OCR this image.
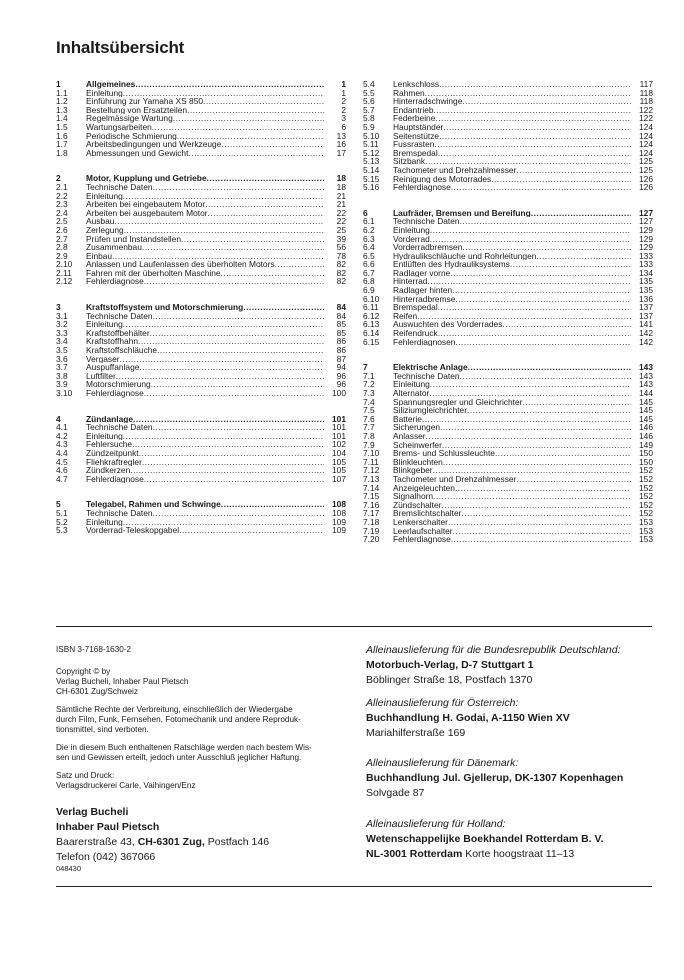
Inhaltsübersicht
1	Allgemeines .....	1
1.1	Einleitung .....	1
1.2	Einführung zur Yamaha XS 850 .....	2
1.3	Bestellung von Ersatzteilen .....	2
1.4	Regelmässige Wartung .....	3
1.5	Wartungsarbeiten .....	6
1.6	Periodische Schmierung .....	13
1.7	Arbeitsbedingungen und Werkzeuge .....	16
1.8	Abmessungen und Gewicht .....	17
2	Motor, Kupplung und Getriebe .....	18
2.1	Technische Daten .....	18
2.2	Einleitung .....	21
2.3	Arbeiten bei eingebautem Motor .....	21
2.4	Arbeiten bei ausgebautem Motor .....	22
2.5	Ausbau .....	22
2.6	Zerlegung .....	25
2.7	Prüfen und Instandstellen .....	39
2.8	Zusammenbau .....	56
2.9	Einbau .....	78
2.10	Anlassen und Laufenlassen des überholten Motors .....	82
2.11	Fahren mit der überholten Maschine .....	82
2.12	Fehlerdiagnose .....	82
3	Kraftstoffsystem und Motorschmierung .....	84
3.1	Technische Daten .....	84
3.2	Einleitung .....	85
3.3	Kraftstoffbehälter .....	85
3.4	Kraftstoffhahn .....	86
3.5	Kraftstoffschläuche .....	86
3.6	Vergaser .....	87
3.7	Auspuffanlage .....	94
3.8	Luftfilter .....	96
3.9	Motorschmierung .....	96
3.10	Fehlerdiagnose .....	100
4	Zündanlage .....	101
4.1	Technische Daten .....	101
4.2	Einleitung .....	101
4.3	Fehlersuche .....	102
4.4	Zündzeitpunkt .....	104
4.5	Fliehkraftregler .....	105
4.6	Zündkerzen .....	105
4.7	Fehlerdiagnose .....	107
5	Telegabel, Rahmen und Schwinge .....	108
5.1	Technische Daten .....	108
5.2	Einleitung .....	109
5.3	Vorderrad-Teleskopgabel .....	109
5.4	Lenkschloss .....	117
5.5	Rahmen .....	118
5.6	Hinterradschwinge .....	118
5.7	Endantrieb .....	122
5.8	Federbeine .....	122
5.9	Hauptständer .....	124
5.10	Seitenstütze .....	124
5.11	Fussrasten .....	124
5.12	Bremspedal .....	124
5.13	Sitzbank .....	125
5.14	Tachometer und Drehzahlmesser .....	125
5.15	Reinigung des Motorrades .....	126
5.16	Fehlerdiagnose .....	126
6	Laufräder, Bremsen und Bereifung .....	127
6.1	Technische Daten .....	127
6.2	Einleitung .....	129
6.3	Vorderrad .....	129
6.4	Vorderradbremsen .....	129
6.5	Hydraulikschläuche und Rohrleitungen .....	133
6.6	Entlüften des Hydrauliksystems .....	133
6.7	Radlager vorne .....	134
6.8	Hinterrad .....	135
6.9	Radlager hinten .....	135
6.10	Hinterradbremse .....	136
6.11	Bremspedal .....	137
6.12	Reifen .....	137
6.13	Auswuchten des Vorderrades .....	141
6.14	Reifendruck .....	142
6.15	Fehlerdiagnosen .....	142
7	Elektrische Anlage .....	143
7.1	Technische Daten .....	143
7.2	Einleitung .....	143
7.3	Alternator .....	144
7.4	Spannungsregler und Gleichrichter .....	145
7.5	Siliziumgleichrichter .....	145
7.6	Batterie .....	145
7.7	Sicherungen .....	146
7.8	Anlasser .....	146
7.9	Scheinwerfer .....	149
7.10	Brems- und Schlussleuchte .....	150
7.11	Blinkleuchten .....	150
7.12	Blinkgeber .....	152
7.13	Tachometer und Drehzahlmesser .....	152
7.14	Anzeigeleuchten .....	152
7.15	Signalhorn .....	152
7.16	Zündschalter .....	152
7.17	Bremslichtschalter .....	152
7.18	Lenkerschalter .....	153
7.19	Leerlaufschalter .....	153
7.20	Fehlerdiagnose .....	153

ISBN 3-7168-1630-2

Copyright © by

Verlag Bucheli, Inhaber Paul Pietsch

CH-6301 Zug/Schweiz

Sämtliche Rechte der Verbreitung, einschließlich der Wiedergabe

durch Film, Funk, Fernsehen, Fotomechanik und andere Reproduk-

tionsmittel, sind verboten.

Die in diesem Buch enthaltenen Ratschläge werden nach bestem Wis-

sen und Gewissen erteilt, jedoch unter Ausschluß jeglicher Haftung.

Satz und Druck:

Verlagsdruckerei Carle, Vaihingen/Enz

Verlag Bucheli
Inhaber Paul Pietsch
Baarerstraße 43, CH-6301 Zug, Postfach 146
Telefon (042) 367066
048430
Alleinauslieferung für die Bundesrepublik Deutschland:
Motorbuch-Verlag, D-7 Stuttgart 1
Böblinger Straße 18, Postfach 1370
Alleinauslieferung für Österreich:
Buchhandlung H. Godai, A-1150 Wien XV
Mariahilferstraße 169
Alleinauslieferung für Dänemark:
Buchhandlung Jul. Gjellerup, DK-1307 Kopenhagen
Solvgade 87
Alleinauslieferung für Holland:
Wetenschappelijke Boekhandel Rotterdam B. V.
NL-3001 Rotterdam Korte hoogstraat 11–13
